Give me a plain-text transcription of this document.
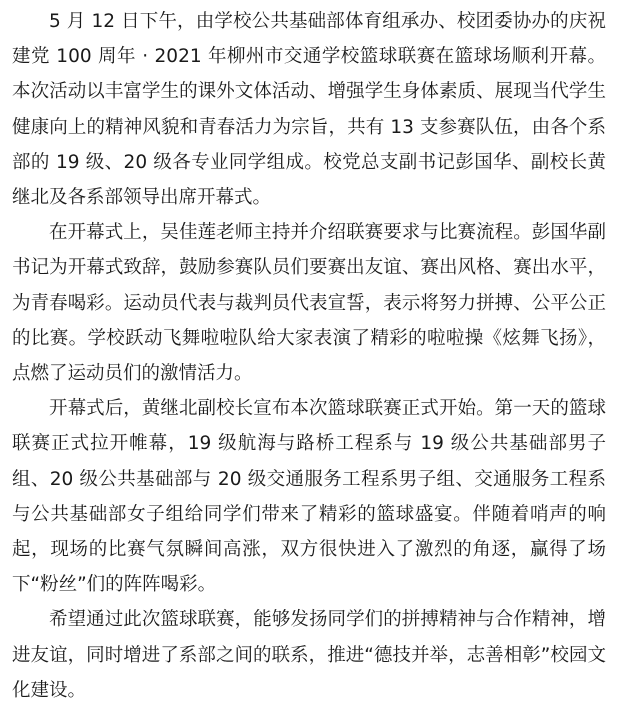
5 月 12 日下午，由学校公共基础部体育组承办、校团委协办的庆祝建党 100 周年 · 2021 年柳州市交通学校篮球联赛在篮球场顺利开幕。本次活动以丰富学生的课外文体活动、增强学生身体素质、展现当代学生健康向上的精神风貌和青春活力为宗旨，共有 13 支参赛队伍，由各个系部的 19 级、20 级各专业同学组成。校党总支副书记彭国华、副校长黄继北及各系部领导出席开幕式。

在开幕式上，吴佳莲老师主持并介绍联赛要求与比赛流程。彭国华副书记为开幕式致辞，鼓励参赛队员们要赛出友谊、赛出风格、赛出水平，为青春喝彩。运动员代表与裁判员代表宣誓，表示将努力拼搏、公平公正的比赛。学校跃动飞舞啦啦队给大家表演了精彩的啦啦操《炫舞飞扬》，点燃了运动员们的激情活力。

开幕式后，黄继北副校长宣布本次篮球联赛正式开始。第一天的篮球联赛正式拉开帷幕，19 级航海与路桥工程系与 19 级公共基础部男子组、20 级公共基础部与 20 级交通服务工程系男子组、交通服务工程系与公共基础部女子组给同学们带来了精彩的篮球盛宴。伴随着哨声的响起，现场的比赛气氛瞬间高涨，双方很快进入了激烈的角逐，赢得了场下“粉丝”们的阵阵喝彩。

希望通过此次篮球联赛，能够发扬同学们的拼搏精神与合作精神，增进友谊，同时增进了系部之间的联系，推进“德技并举，志善相彰”校园文化建设。
